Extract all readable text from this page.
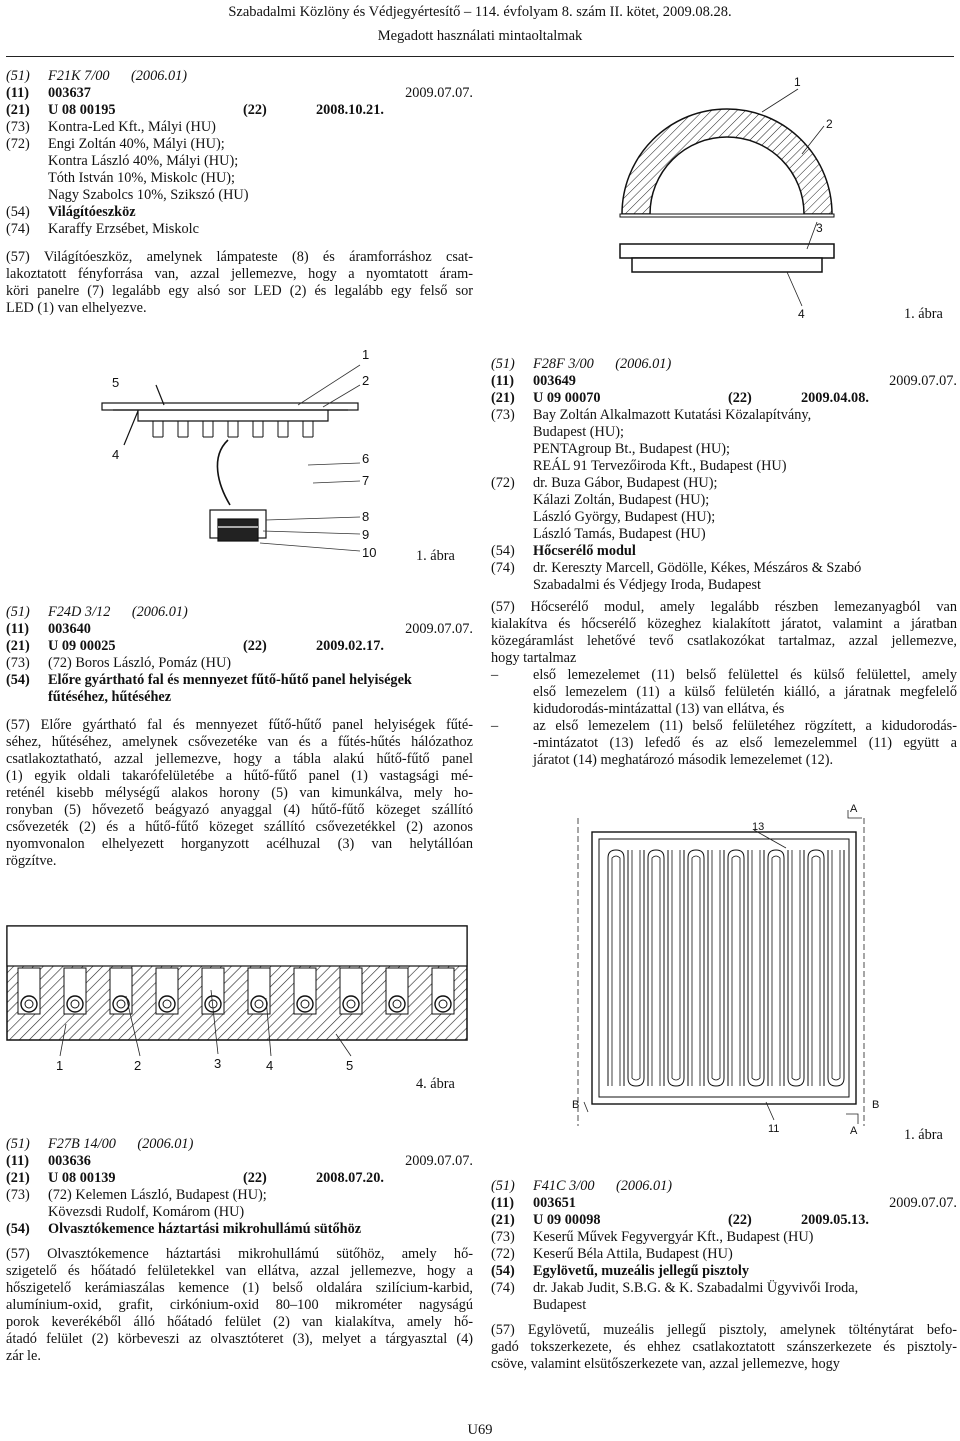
Szabadalmi Közlöny és Védjegyértesítő – 114. évfolyam 8. szám II. kötet, 2009.08.28.
Megadott használati mintaoltalmak
(51)	F21K 7/00 (2006.01)
(11)	003637	2009.07.07.
(21)	U 08 00195	(22)	2008.10.21.
(73)	Kontra-Led Kft., Mályi (HU)
(72)	Engi Zoltán 40%, Mályi (HU);
Kontra László 40%, Mályi (HU);
Tóth István 10%, Miskolc (HU);
Nagy Szabolcs 10%, Szikszó (HU)
(54)	Világítóeszköz
(74)	Karaffy Erzsébet, Miskolc
(57) Világítóeszköz, amelynek lámpateste (8) és áramforráshoz csat-
lakoztatott fényforrása van, azzal jellemezve, hogy a nyomtatott áram-
köri panelre (7) legalább egy alsó sor LED (2) és legalább egy felső sor
LED (1) van elhelyezve.
1
2
5
4	6
7
8
9
10	1. ábra
(51)	F24D 3/12 (2006.01)
(11)	003640	2009.07.07.
(21)	U 09 00025	(22)	2009.02.17.
(73)	(72) Boros László, Pomáz (HU)
(54)	Előre gyártható fal és mennyezet fűtő-hűtő panel helyiségek
fűtéséhez, hűtéséhez
(57) Előre gyártható fal és mennyezet fűtő-hűtő panel helyiségek fűté-
séhez, hűtéséhez, amelynek csővezetéke van és a fűtés-hűtés hálózathoz
csatlakoztatható, azzal jellemezve, hogy a tábla alakú hűtő-fűtő panel
(1) egyik oldali takarófelületébe a hűtő-fűtő panel (1) vastagsági mé-
reténél kisebb mélységű alakos horony (5) van kimunkálva, mely ho-
ronyban (5) hővezető beágyazó anyaggal (4) hűtő-fűtő közeget szállító
csővezeték (2) és a hűtő-fűtő közeget szállító csővezetékkel (2) azonos
nyomvonalon elhelyezett horganyzott acélhuzal (3) van helytállóan
rögzítve.
1	2	3	4	5
4. ábra
(51)	F27B 14/00 (2006.01)
(11)	003636	2009.07.07.
(21)	U 08 00139	(22)	2008.07.20.
(73)	(72) Kelemen László, Budapest (HU);
Kövezsdi Rudolf, Komárom (HU)
(54)	Olvasztókemence háztartási mikrohullámú sütőhöz
(57) Olvasztókemence háztartási mikrohullámú sütőhöz, amely hő-
szigetelő és hőátadó felületekkel van ellátva, azzal jellemezve, hogy a
hőszigetelő kerámiaszálas kemence (1) belső oldalára szilícium-karbid,
alumínium-oxid, grafit, cirkónium-oxid 80–100 mikrométer nagyságú
porok keverékéből álló hőátadó felület (2) van kialakítva, amely hő-
átadó felület (2) körbeveszi az olvasztóteret (3), melyet a tárgyasztal (4)
zár le.
1
2
3
4	1. ábra
(51)	F28F 3/00 (2006.01)
(11)	003649	2009.07.07.
(21)	U 09 00070	(22)	2009.04.08.
(73)	Bay Zoltán Alkalmazott Kutatási Közalapítvány,
Budapest (HU);
PENTAgroup Bt., Budapest (HU);
REÁL 91 Tervezőiroda Kft., Budapest (HU)
(72)	dr. Buza Gábor, Budapest (HU);
Kálazi Zoltán, Budapest (HU);
László György, Budapest (HU);
László Tamás, Budapest (HU)
(54)	Hőcserélő modul
(74)	dr. Kereszty Marcell, Gödölle, Kékes, Mészáros & Szabó
Szabadalmi és Védjegy Iroda, Budapest
(57) Hőcserélő modul, amely legalább részben lemezanyagból van
kialakítva és hőcserélő közeghez kialakított járatot, valamint a járatban
közegáramlást lehetővé tevő csatlakozókat tartalmaz, azzal jellemezve,
hogy tartalmaz
–	első lemezelemet (11) belső felülettel és külső felülettel, amely
első lemezelem (11) a külső felületén kiálló, a járatnak megfelelő
kidudorodás-mintázattal (13) van ellátva, és
–	az első lemezelem (11) belső felületéhez rögzített, a kidudorodás-
-mintázatot (13) lefedő és az első lemezelemmel (11) együtt a
járatot (14) meghatározó második lemezelemet (12).
A
13
B	B
11	A	1. ábra
(51)	F41C 3/00 (2006.01)
(11)	003651	2009.07.07.
(21)	U 09 00098	(22)	2009.05.13.
(73)	Keserű Művek Fegyvergyár Kft., Budapest (HU)
(72)	Keserű Béla Attila, Budapest (HU)
(54)	Egylövetű, muzeális jellegű pisztoly
(74)	dr. Jakab Judit, S.B.G. & K. Szabadalmi Ügyvivői Iroda,
Budapest
(57) Egylövetű, muzeális jellegű pisztoly, amelynek tölténytárat befo-
gadó tokszerkezete, és ehhez csatlakoztatott szánszerkezete és pisztoly-
csöve, valamint elsütőszerkezete van, azzal jellemezve, hogy
U69
